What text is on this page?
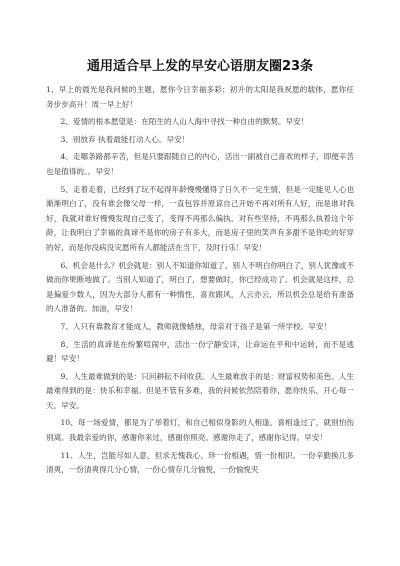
通用适合早上发的早安心语朋友圈23条

1、早上的晨光是我问候的主题，愿你今日幸福多彩；初升的太阳是我祝愿的载体，愿你任务步步高升！周一早上好！

2、爱情的根本愿望是：在陌生的人山人海中寻找一种自由的默契。早安！

3、别放弃 执着最能打动人心。早安！

4、走哪条路都辛苦，但是只要跟随自己的内心，活出一副被自己喜欢的样子，即便辛苦也是值得的。。早安！

5、走着走着，已经到了玩不起得年龄慢慢懂得了日久不一定生情，但是一定能见人心也渐渐明白了，没有谁会像父母一样，一直包容并原谅自己开始不再对所有人好，而是谁对我好，我就对谁好慢慢发现自己变了，变得不再那么偏执，对有些坚持，不再那么执着这个年龄，让我明白了幸福的真谛不是你的房子有多大，而是房子里的笑声有多甜不是你吃的好穿的好，而是你没病没灾愿所有人都能活在当下，及时行乐！早安！

6、机会是什么？机会就是：别人不知道你知道了，别人不明白你明白了，别人犹豫或不做而你果断地做了。当别人知道了，明白了，想要做时，你已经成功了。机会就是这样，总是偏爱少数人，因为大部分人都有一种惰性，喜欢跟风，人云亦云，所以机会总是给有准备的人准备的。加油，早安！

7、人只有靠教育才能成人，教师就像蜡烛，母亲对于孩子是第一所学校。早安！

8、生活的真谛是在纷繁喧闹中，活出一份宁静安详，让命运在平和中运转，而不是逃避！早安！

9、人生最难做到的是：只问耕耘不问收获。人生最难放手的是：财富权势和美色。人生最难得到的是：快乐和幸福。但是不管有多难，我的问候依然陪着你，愿你快乐，开心每一天，早安。

10、每一场爱情，都是为了举着灯，和自己相似身影的人相逢。喜相逢过了，就别怕伤别离。我最亲爱的你，感谢你来过，感谢你照亮。感谢你走了，感谢你记得。早安！

11、人生，岂能尽如人意，但求无愧我心，珍一份相遇，惜一份相识。一份辛勤换几多清爽，一份清爽得几分心情，一份心情存几分愉悦，一份愉悦夹
